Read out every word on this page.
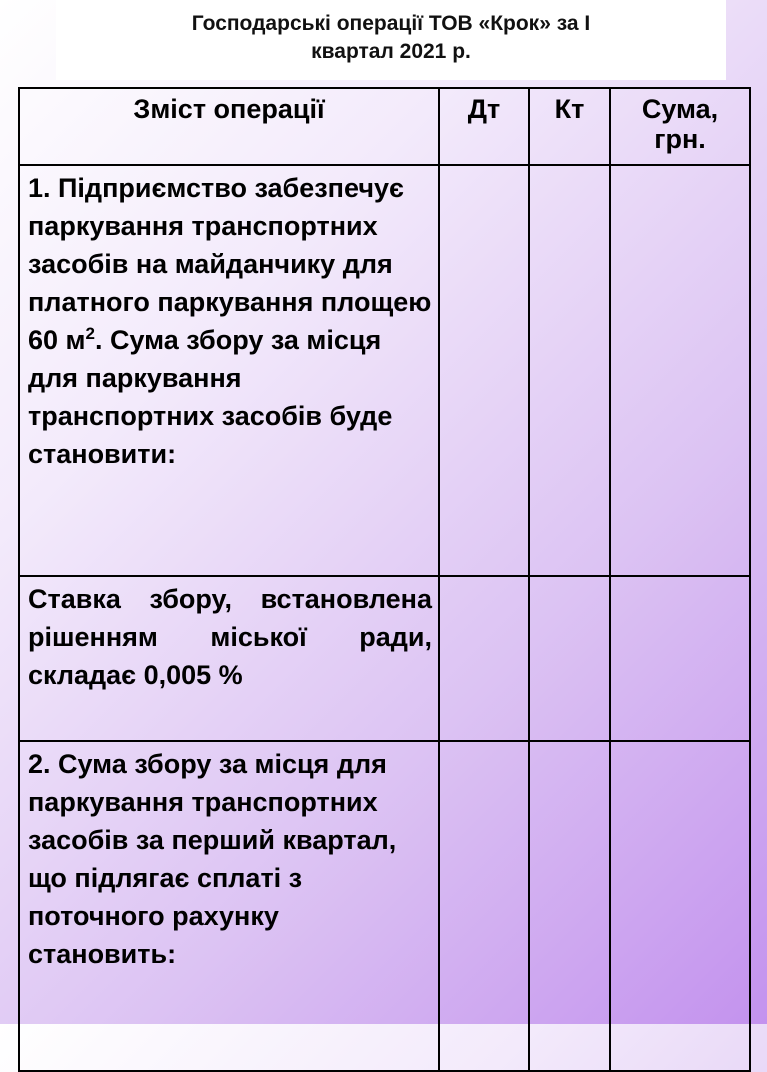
Господарські операції ТОВ «Крок» за І
квартал 2021 р.
Зміст операції	Дт	Кт	Сума,
грн.
1. Підприємство забезпечує паркування транспортних засобів на майданчику для платного паркування площею 60 $м^2$. Сума збору за місця для паркування транспортних засобів буде становити:			
Ставка збору, встановлена рішенням міської ради, складає 0,005 %			
2. Сума збору за місця для паркування транспортних засобів за перший квартал, що підлягає сплаті з поточного рахунку становить:			
